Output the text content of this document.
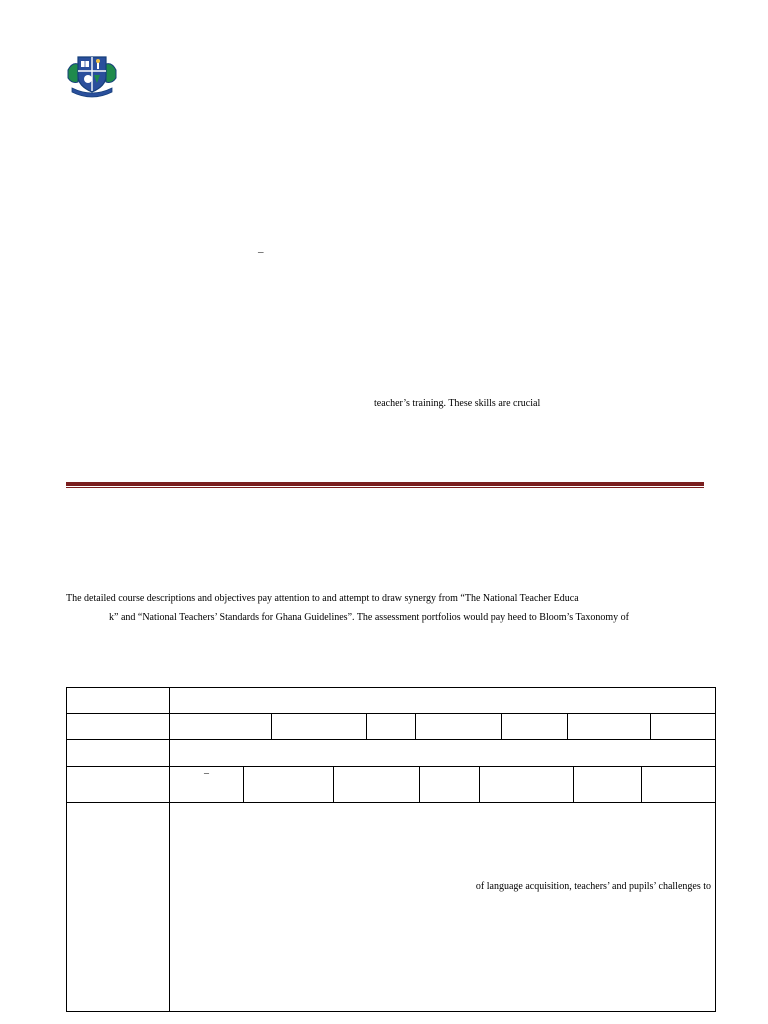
–
teacher’s training. These skills are crucial
The detailed course descriptions and objectives pay attention to and attempt to draw synergy from “The National Teacher Educa
k” and “National Teachers’ Standards for Ghana Guidelines”. The assessment portfolios would pay heed to Bloom’s Taxonomy of
–
of language acquisition, teachers’ and pupils’ challenges to
